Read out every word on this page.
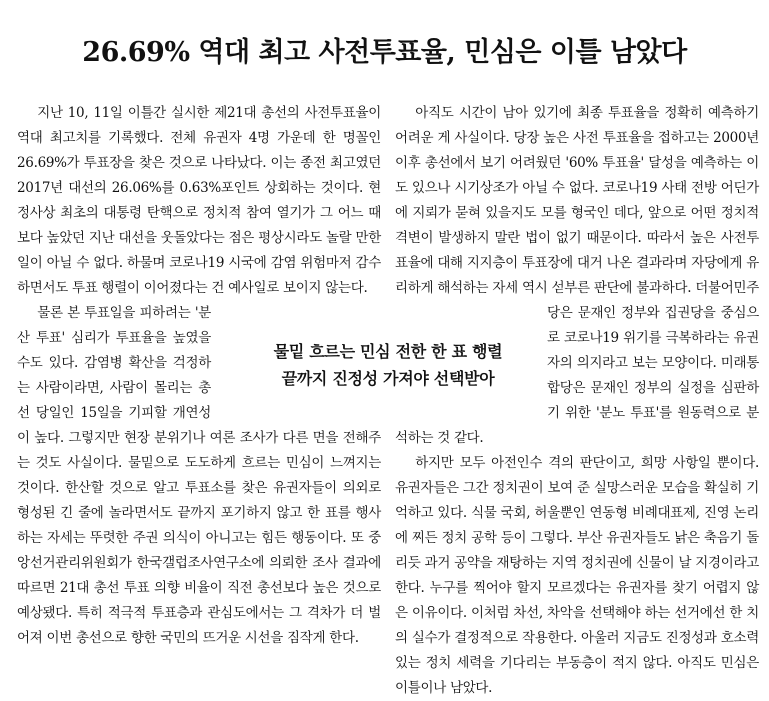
26.69% 역대 최고 사전투표율, 민심은 이틀 남았다

지난 10, 11일 이틀간 실시한 제21대 총선의 사전투표율이 역대 최고치를 기록했다. 전체 유권자 4명 가운데 한 명꼴인 26.69%가 투표장을 찾은 것으로 나타났다. 이는 종전 최고였던 2017년 대선의 26.06%를 0.63%포인트 상회하는 것이다. 현정사상 최초의 대통령 탄핵으로 정치적 참여 열기가 그 어느 때보다 높았던 지난 대선을 웃돌았다는 점은 평상시라도 놀랄 만한 일이 아닐 수 없다. 하물며 코로나19 시국에 감염 위험마저 감수하면서도 투표 행렬이 이어졌다는 건 예사일로 보이지 않는다.

물론 본 투표일을 피하려는 '분산 투표' 심리가 투표율을 높였을 수도 있다. 감염병 확산을 걱정하는 사람이라면, 사람이 몰리는 총선 당일인 15일을 기피할 개연성이 높다. 그렇지만 현장 분위기나 여론 조사가 다른 면을 전해주는 것도 사실이다. 물밑으로 도도하게 흐르는 민심이 느껴지는 것이다. 한산할 것으로 알고 투표소를 찾은 유권자들이 의외로 형성된 긴 줄에 놀라면서도 끝까지 포기하지 않고 한 표를 행사하는 자세는 뚜렷한 주권 의식이 아니고는 힘든 행동이다. 또 중앙선거관리위원회가 한국갤럽조사연구소에 의뢰한 조사 결과에 따르면 21대 총선 투표 의향 비율이 직전 총선보다 높은 것으로 예상됐다. 특히 적극적 투표층과 관심도에서는 그 격차가 더 벌어져 이번 총선으로 향한 국민의 뜨거운 시선을 짐작게 한다.

아직도 시간이 남아 있기에 최종 투표율을 정확히 예측하기 어려운 게 사실이다. 당장 높은 사전 투표율을 접하고는 2000년 이후 총선에서 보기 어려웠던 '60% 투표율' 달성을 예측하는 이도 있으나 시기상조가 아닐 수 없다. 코로나19 사태 전방 어딘가에 지뢰가 묻혀 있을지도 모를 형국인 데다, 앞으로 어떤 정치적 격변이 발생하지 말란 법이 없기 때문이다. 따라서 높은 사전투표율에 대해 지지층이 투표장에 대거 나온 결과라며 자당에게 유리하게 해석하는 자세 역시 섣부른 판단에 불과하다. 더불어민주당은 문재인 정부와 집권당을 중심으로 코로나19 위기를 극복하라는 유권자의 의지라고 보는 모양이다. 미래통합당은 문재인 정부의 실정을 심판하기 위한 '분노 투표'를 원동력으로 분석하는 것 같다.

하지만 모두 아전인수 격의 판단이고, 희망 사항일 뿐이다. 유권자들은 그간 정치권이 보여 준 실망스러운 모습을 확실히 기억하고 있다. 식물 국회, 허울뿐인 연동형 비례대표제, 진영 논리에 찌든 정치 공학 등이 그렇다. 부산 유권자들도 낡은 축음기 돌리듯 과거 공약을 재탕하는 지역 정치권에 신물이 날 지경이라고 한다. 누구를 찍어야 할지 모르겠다는 유권자를 찾기 어렵지 않은 이유이다. 이처럼 차선, 차악을 선택해야 하는 선거에선 한 치의 실수가 결정적으로 작용한다. 아울러 지금도 진정성과 호소력 있는 정치 세력을 기다리는 부동층이 적지 않다. 아직도 민심은 이틀이나 남았다.

물밑 흐르는 민심 전한 한 표 행렬
끝까지 진정성 가져야 선택받아
